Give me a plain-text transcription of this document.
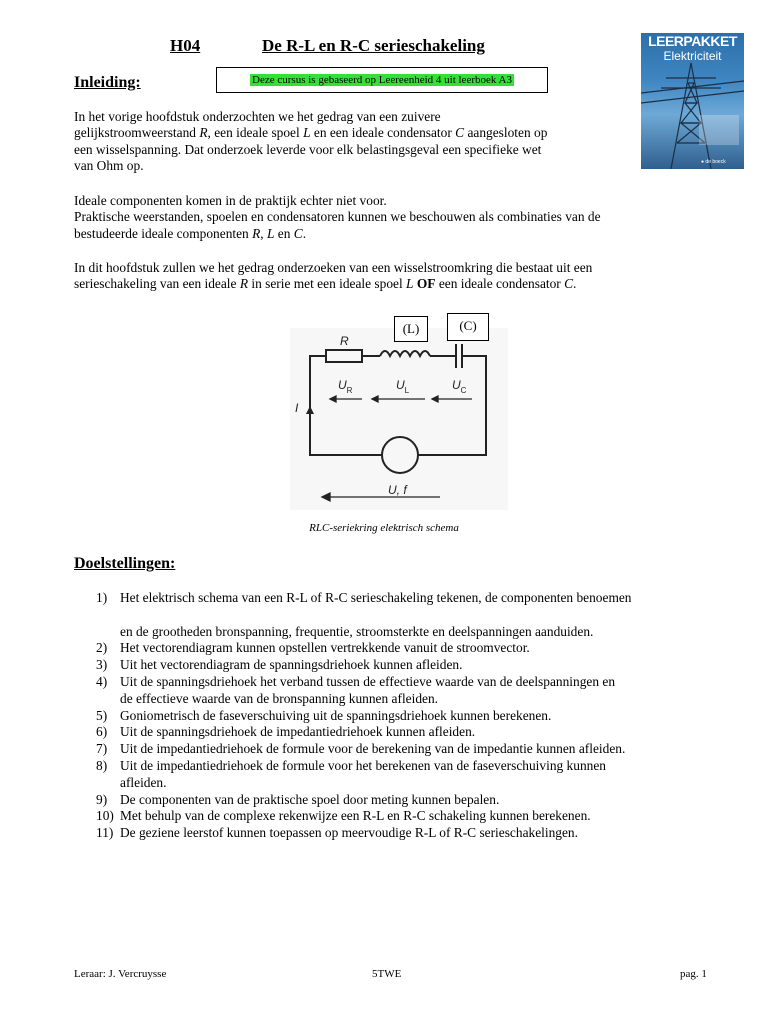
H04	De R-L en R-C serieschakeling
Inleiding:	Deze cursus is gebaseerd op Leereenheid 4 uit leerboek A3
LEERPAKKET
Elektriciteit
● de boeck
In het vorige hoofdstuk onderzochten we het gedrag van een zuivere
gelijkstroomweerstand R, een ideale spoel L en een ideale condensator C aangesloten op
een wisselspanning. Dat onderzoek leverde voor elk belastingsgeval een specifieke wet
van Ohm op.
Ideale componenten komen in de praktijk echter niet voor.
Praktische weerstanden, spoelen en condensatoren kunnen we beschouwen als combinaties van de
bestudeerde ideale componenten R, L en C.
In dit hoofdstuk zullen we het gedrag onderzoeken van een wisselstroomkring die bestaat uit een
serieschakeling van een ideale R in serie met een ideale spoel L OF een ideale condensator C.
R
$U_R$	$U_L$	$U_C$
I
U, f
(L)	(C)
RLC-seriekring elektrisch schema
Doelstellingen:
1) Het elektrisch schema van een R-L of R-C serieschakeling tekenen, de componenten benoemen

en de grootheden bronspanning, frequentie, stroomsterkte en deelspanningen aanduiden.
2) Het vectorendiagram kunnen opstellen vertrekkende vanuit de stroomvector.
3) Uit het vectorendiagram de spanningsdriehoek kunnen afleiden.
4) Uit de spanningsdriehoek het verband tussen de effectieve waarde van de deelspanningen en
de effectieve waarde van de bronspanning kunnen afleiden.
5) Goniometrisch de faseverschuiving uit de spanningsdriehoek kunnen berekenen.
6) Uit de spanningsdriehoek de impedantiedriehoek kunnen afleiden.
7) Uit de impedantiedriehoek de formule voor de berekening van de impedantie kunnen afleiden.
8) Uit de impedantiedriehoek de formule voor het berekenen van de faseverschuiving kunnen
afleiden.
9) De componenten van de praktische spoel door meting kunnen bepalen.
10) Met behulp van de complexe rekenwijze een R-L en R-C schakeling kunnen berekenen.
11) De geziene leerstof kunnen toepassen op meervoudige R-L of R-C serieschakelingen.
Leraar: J. Vercruysse	5TWE	pag. 1
